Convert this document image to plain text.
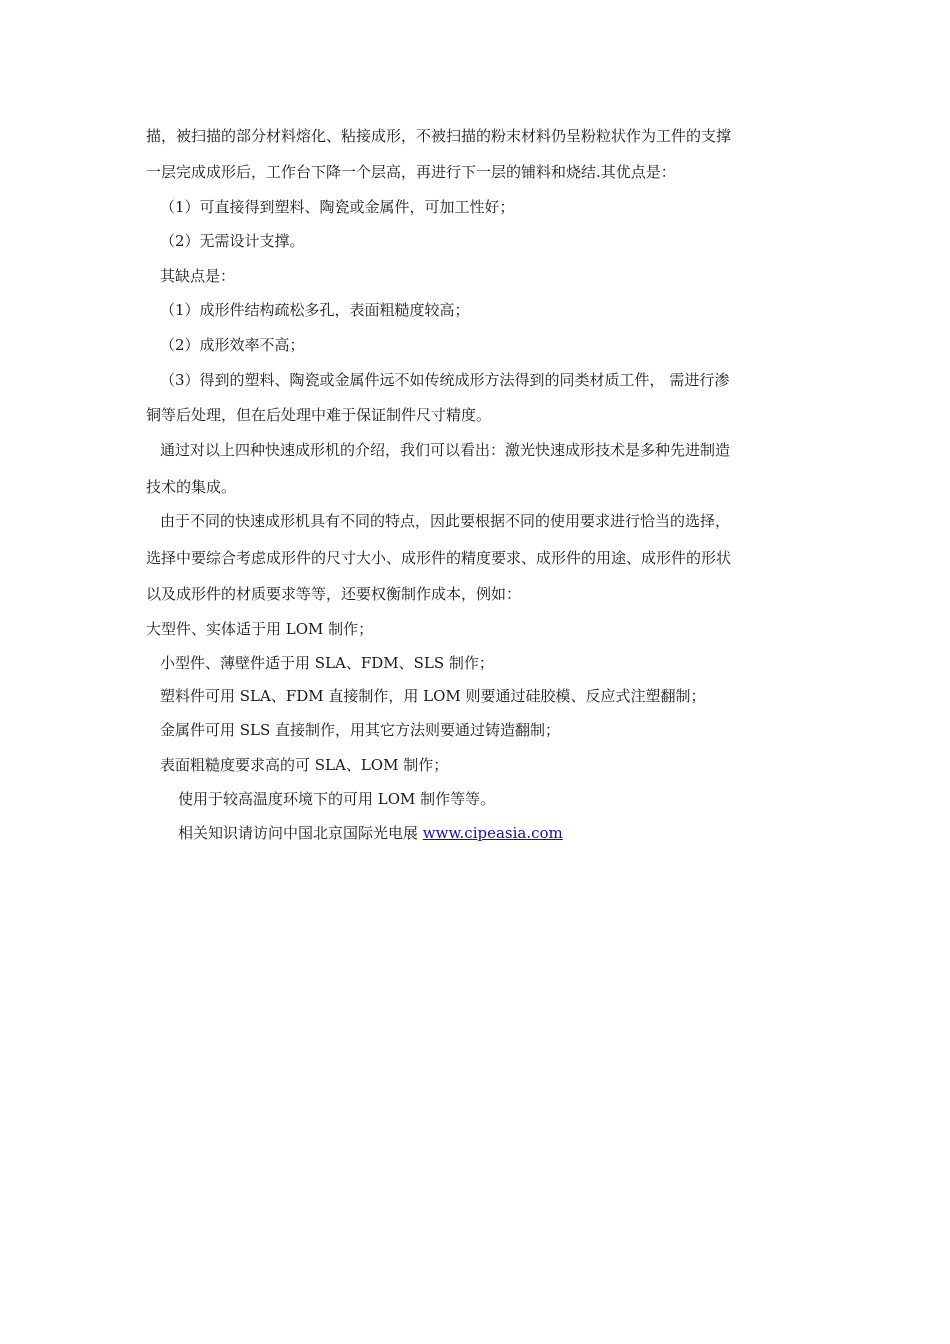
描，被扫描的部分材料熔化、粘接成形，不被扫描的粉末材料仍呈粉粒状作为工件的支撑
一层完成成形后，工作台下降一个层高，再进行下一层的铺料和烧结.其优点是：
（1）可直接得到塑料、陶瓷或金属件，可加工性好；
（2）无需设计支撑。
其缺点是：
（1）成形件结构疏松多孔，表面粗糙度较高；
（2）成形效率不高；
（3）得到的塑料、陶瓷或金属件远不如传统成形方法得到的同类材质工件， 需进行渗
铜等后处理，但在后处理中难于保证制件尺寸精度。
通过对以上四种快速成形机的介绍，我们可以看出：激光快速成形技术是多种先进制造
技术的集成。
由于不同的快速成形机具有不同的特点，因此要根据不同的使用要求进行恰当的选择，
选择中要综合考虑成形件的尺寸大小、成形件的精度要求、成形件的用途、成形件的形状
以及成形件的材质要求等等，还要权衡制作成本，例如：
大型件、实体适于用 LOM 制作；
小型件、薄壁件适于用 SLA、FDM、SLS 制作；
塑料件可用 SLA、FDM 直接制作，用 LOM 则要通过硅胶模、反应式注塑翻制；
金属件可用 SLS 直接制作，用其它方法则要通过铸造翻制；
表面粗糙度要求高的可 SLA、LOM 制作；
使用于较高温度环境下的可用 LOM 制作等等。
相关知识请访问中国北京国际光电展 www.cipeasia.com
